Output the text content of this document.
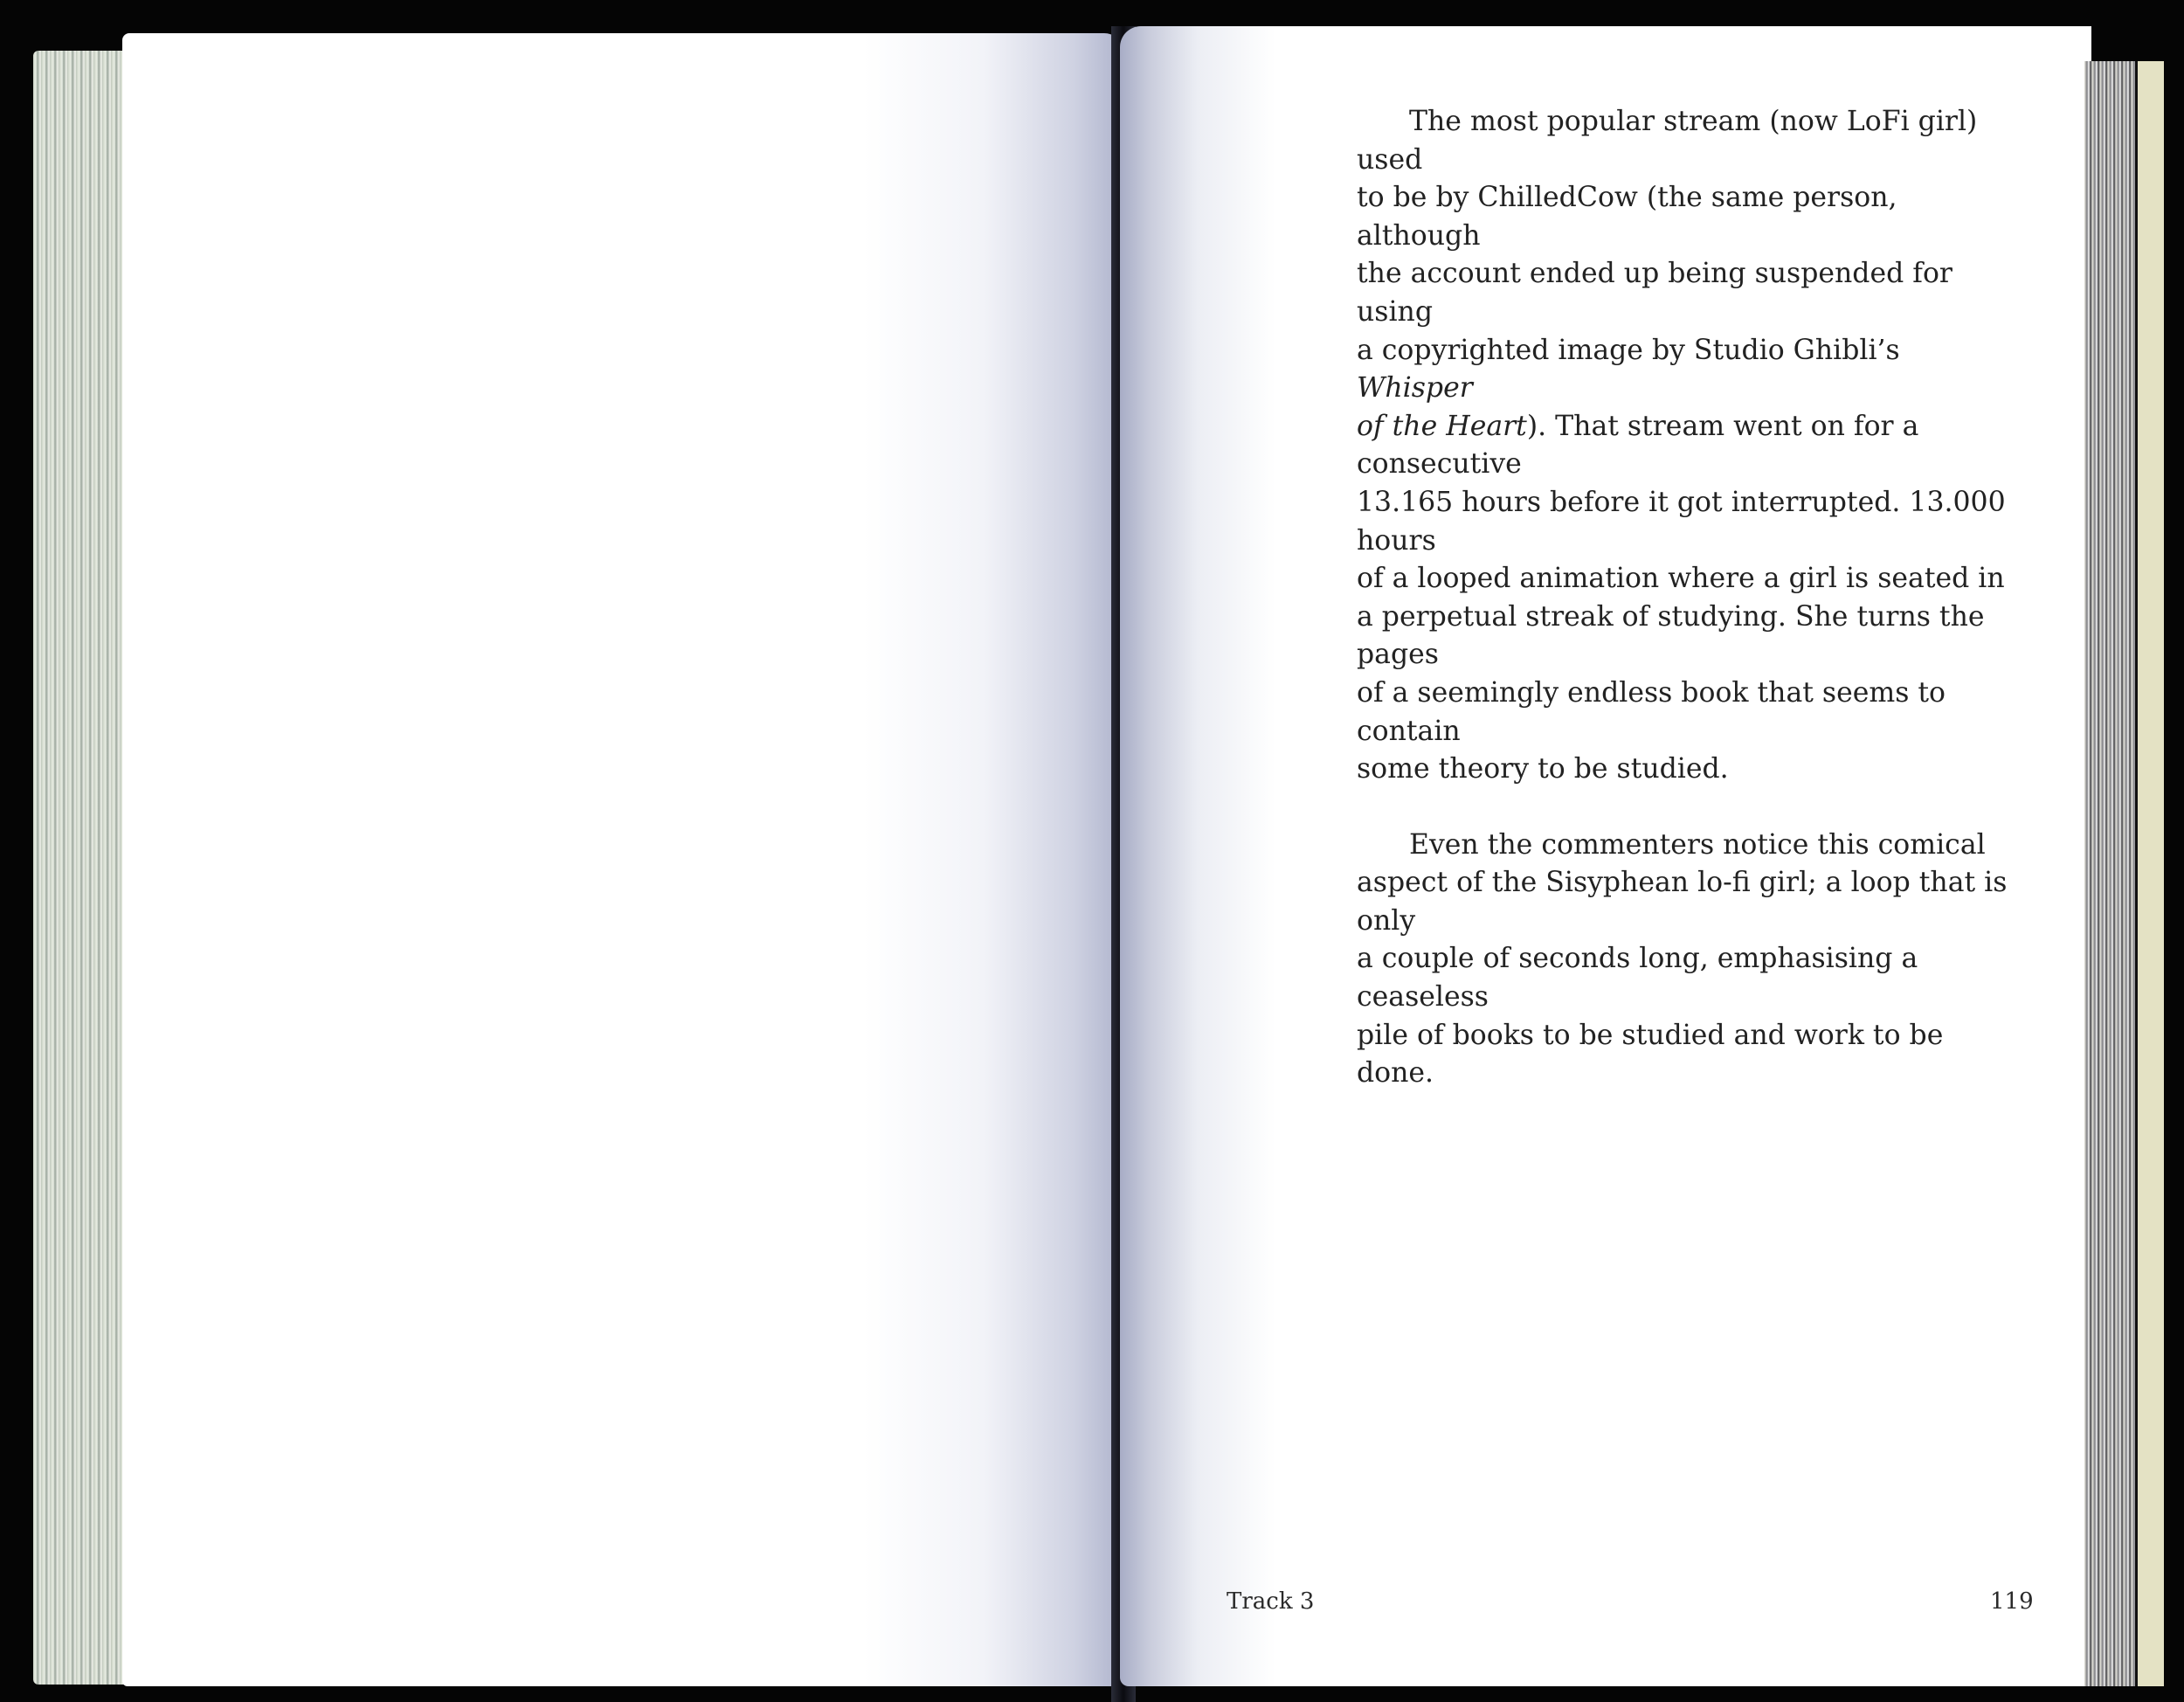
The most popular stream (now LoFi girl) used
to be by ChilledCow (the same person, although
the account ended up being suspended for using
a copyrighted image by Studio Ghibli’s Whisper
of the Heart). That stream went on for a consecutive
13.165 hours before it got interrupted. 13.000 hours
of a looped animation where a girl is seated in
a perpetual streak of studying. She turns the pages
of a seemingly endless book that seems to contain
some theory to be studied.

Even the commenters notice this comical
aspect of the Sisyphean lo-fi girl; a loop that is only
a couple of seconds long, emphasising a ceaseless
pile of books to be studied and work to be done.

Track 3	119
